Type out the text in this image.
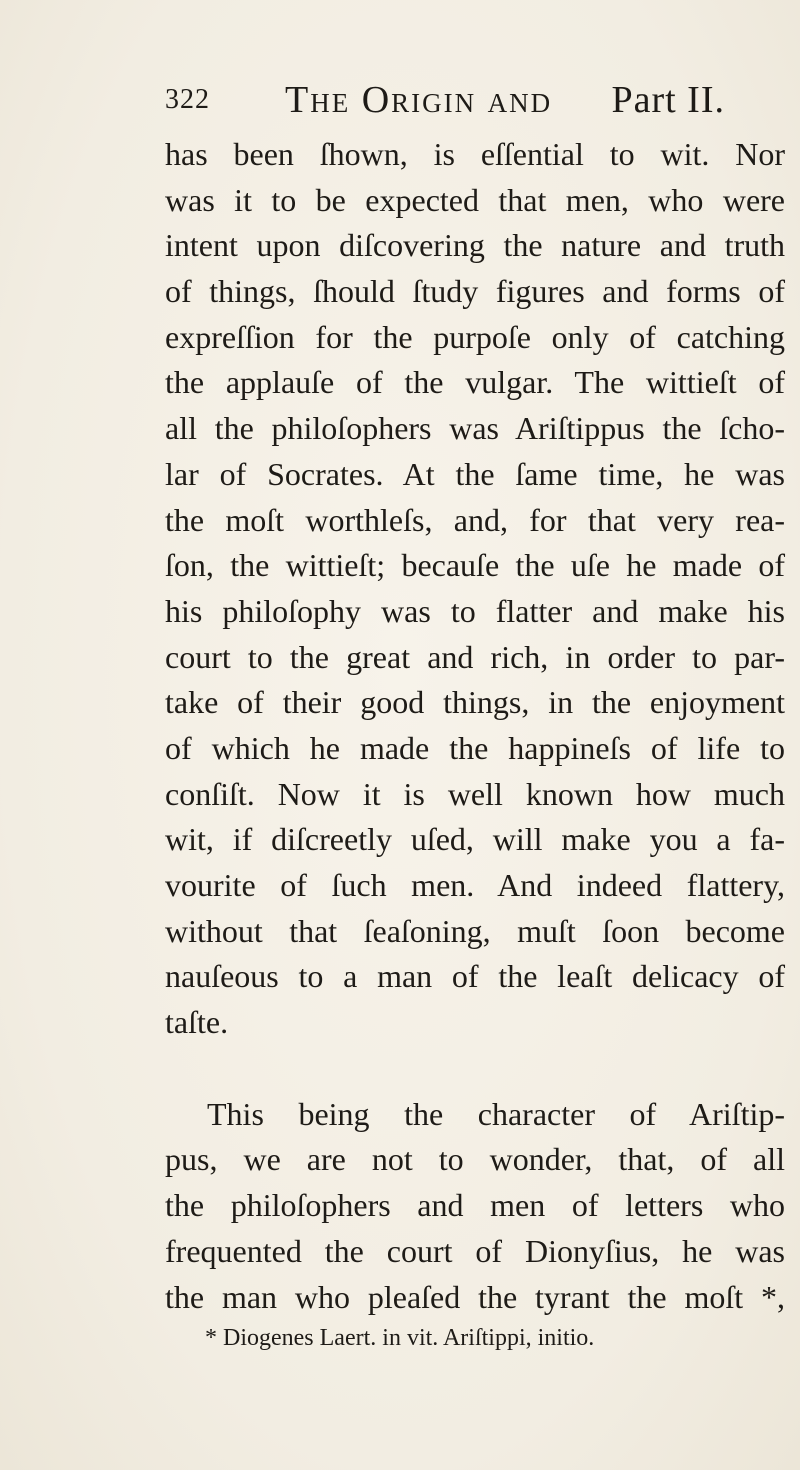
322 The Origin and Part II.
has been ſhown, is eſſential to wit. Nor
was it to be expected that men, who were
intent upon diſcovering the nature and truth
of things, ſhould ſtudy figures and forms of
expreſſion for the purpoſe only of catching
the applauſe of the vulgar. The wittieſt of
all the philoſophers was Ariſtippus the ſcho-
lar of Socrates. At the ſame time, he was
the moſt worthleſs, and, for that very rea-
ſon, the wittieſt; becauſe the uſe he made of
his philoſophy was to flatter and make his
court to the great and rich, in order to par-
take of their good things, in the enjoyment
of which he made the happineſs of life to
conſiſt. Now it is well known how much
wit, if diſcreetly uſed, will make you a fa-
vourite of ſuch men. And indeed flattery,
without that ſeaſoning, muſt ſoon become
nauſeous to a man of the leaſt delicacy of
taſte.
This being the character of Ariſtip-
pus, we are not to wonder, that, of all
the philoſophers and men of letters who
frequented the court of Dionyſius, he was
the man who pleaſed the tyrant the moſt *,
* Diogenes Laert. in vit. Ariſtippi, initio.
